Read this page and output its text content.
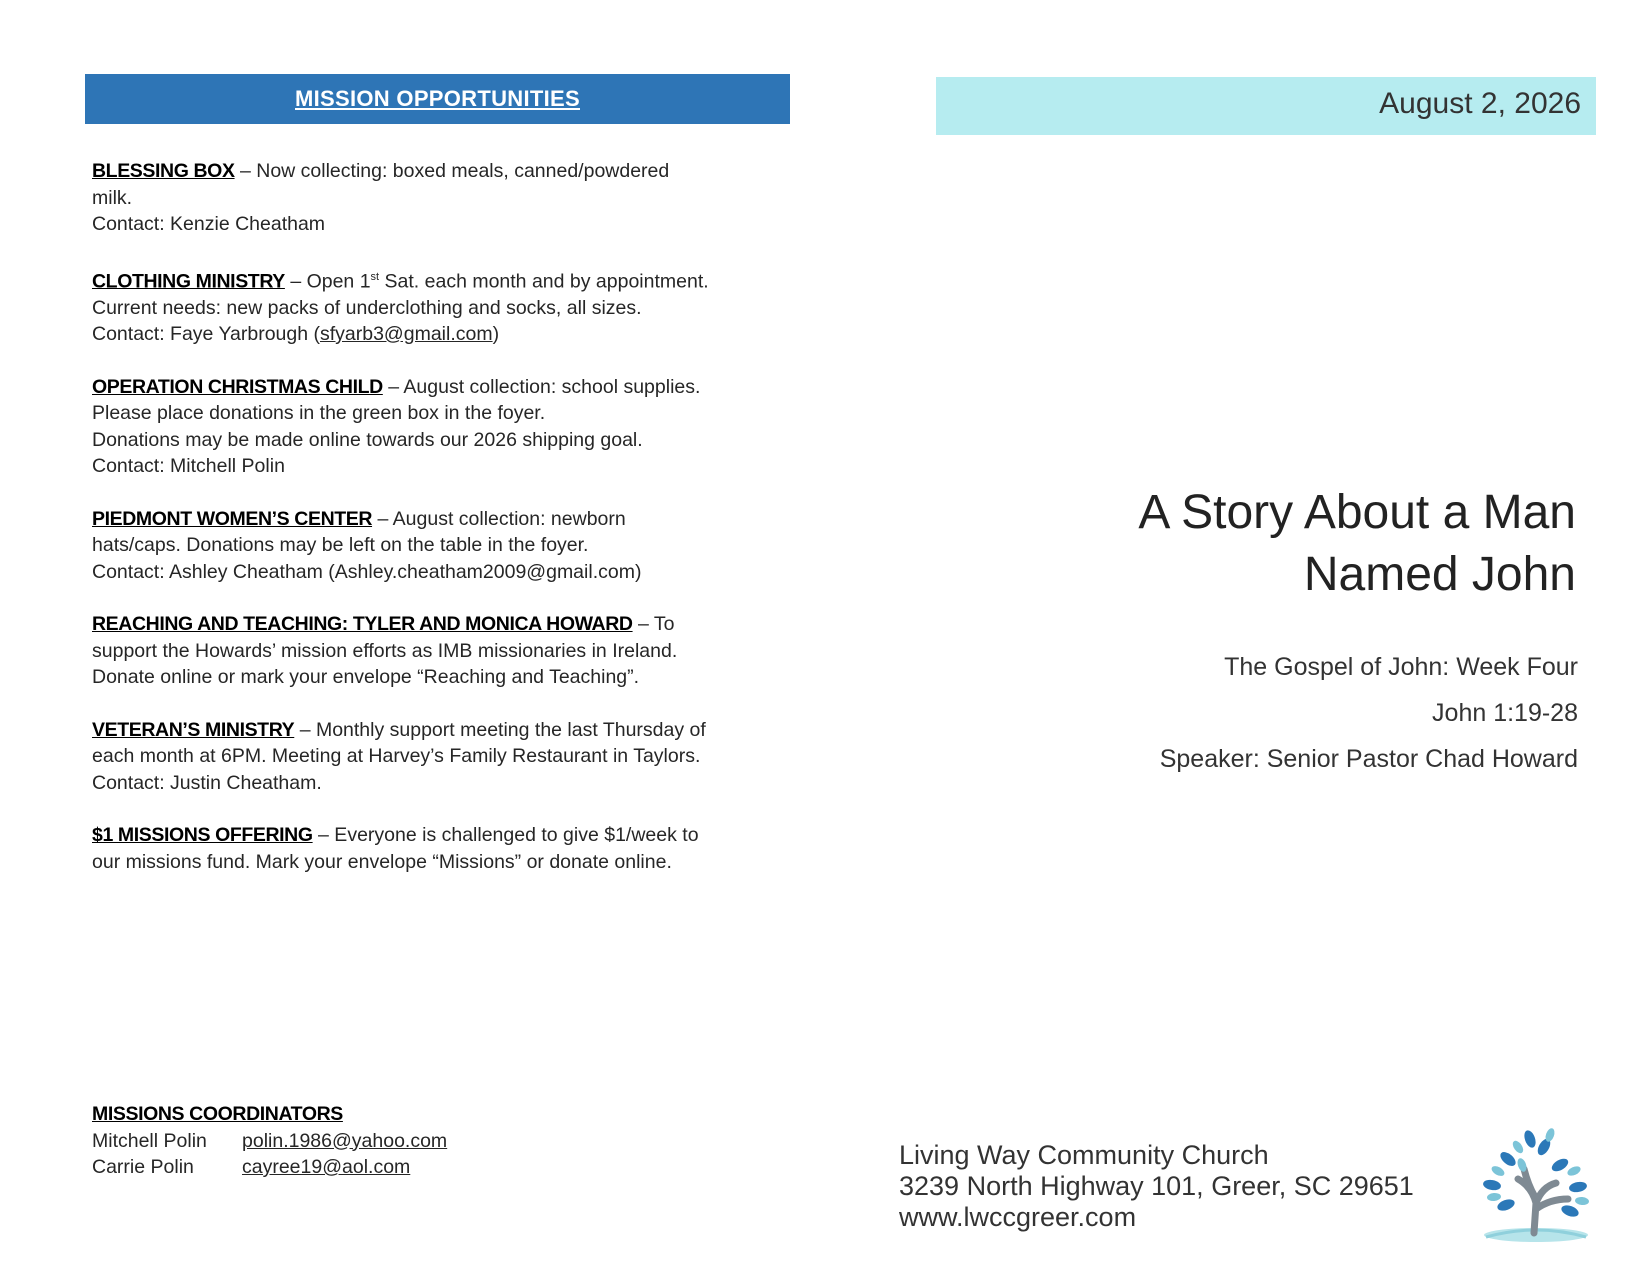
MISSION OPPORTUNITIES
BLESSING BOX – Now collecting: boxed meals, canned/powdered
milk.
Contact: Kenzie Cheatham
CLOTHING MINISTRY – Open 1st Sat. each month and by appointment.
Current needs: new packs of underclothing and socks, all sizes.
Contact: Faye Yarbrough (sfyarb3@gmail.com)
OPERATION CHRISTMAS CHILD – August collection: school supplies.
Please place donations in the green box in the foyer.
Donations may be made online towards our 2026 shipping goal.
Contact: Mitchell Polin
PIEDMONT WOMEN’S CENTER – August collection: newborn
hats/caps. Donations may be left on the table in the foyer.
Contact: Ashley Cheatham (Ashley.cheatham2009@gmail.com)
REACHING AND TEACHING: TYLER AND MONICA HOWARD – To
support the Howards’ mission efforts as IMB missionaries in Ireland.
Donate online or mark your envelope “Reaching and Teaching”.
VETERAN’S MINISTRY – Monthly support meeting the last Thursday of
each month at 6PM. Meeting at Harvey’s Family Restaurant in Taylors.
Contact: Justin Cheatham.
$1 MISSIONS OFFERING – Everyone is challenged to give $1/week to
our missions fund. Mark your envelope “Missions” or donate online.
MISSIONS COORDINATORS
Mitchell Polin	polin.1986@yahoo.com
Carrie Polin	cayree19@aol.com
August 2, 2026
A Story About a Man
Named John
The Gospel of John: Week Four
John 1:19-28
Speaker: Senior Pastor Chad Howard
Living Way Community Church
3239 North Highway 101, Greer, SC 29651
www.lwccgreer.com
